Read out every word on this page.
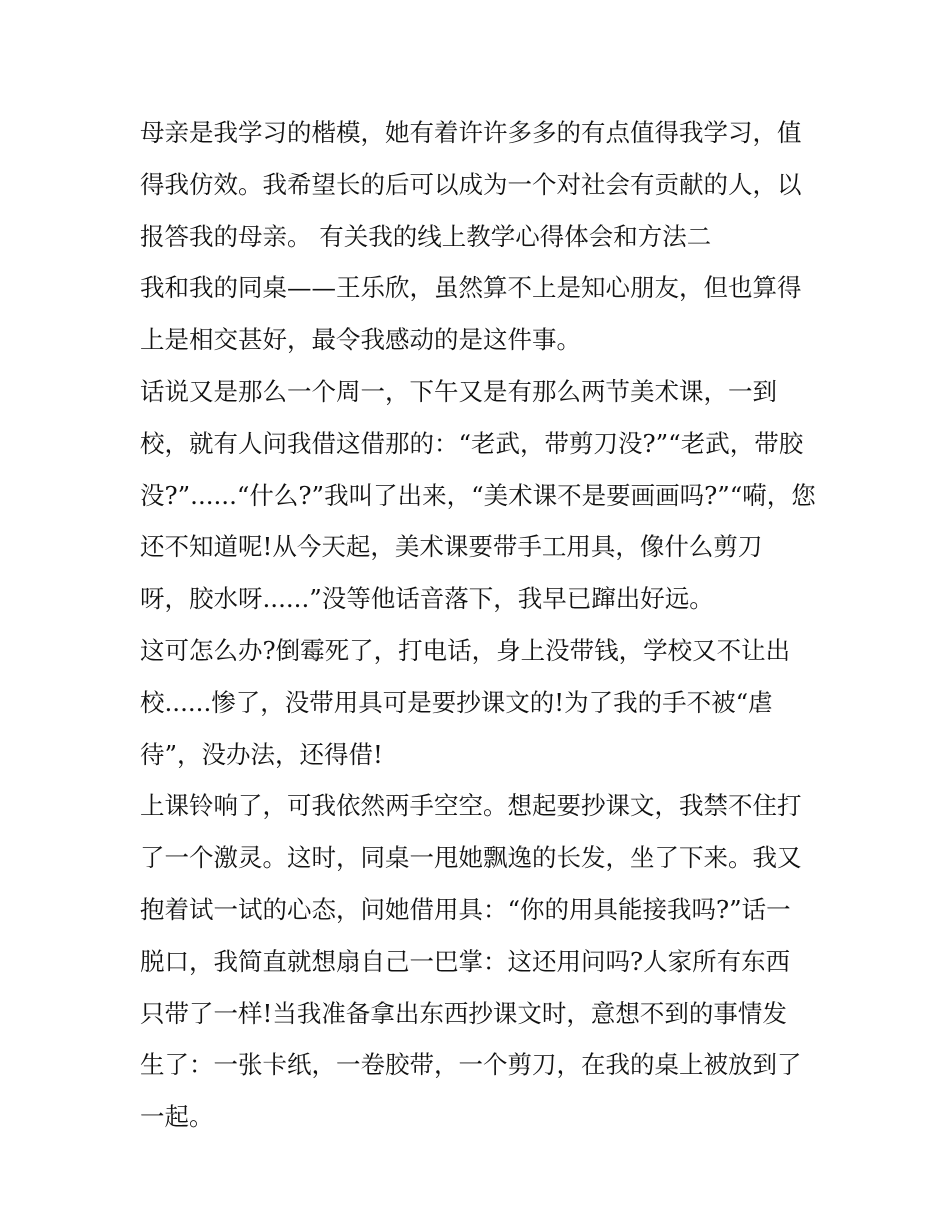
母亲是我学习的楷模，她有着许许多多的有点值得我学习，值
得我仿效。我希望长的后可以成为一个对社会有贡献的人，以
报答我的母亲。 有关我的线上教学心得体会和方法二
我和我的同桌——王乐欣，虽然算不上是知心朋友，但也算得
上是相交甚好，最令我感动的是这件事。
话说又是那么一个周一，下午又是有那么两节美术课，一到
校，就有人问我借这借那的：“老武，带剪刀没?”“老武，带胶
没?”......“什么?”我叫了出来，“美术课不是要画画吗?”“嗬，您
还不知道呢!从今天起，美术课要带手工用具，像什么剪刀
呀，胶水呀......”没等他话音落下，我早已蹿出好远。
这可怎么办?倒霉死了，打电话，身上没带钱，学校又不让出
校......惨了，没带用具可是要抄课文的!为了我的手不被“虐
待”，没办法，还得借!
上课铃响了，可我依然两手空空。想起要抄课文，我禁不住打
了一个激灵。这时，同桌一甩她飘逸的长发，坐了下来。我又
抱着试一试的心态，问她借用具：“你的用具能接我吗?”话一
脱口，我简直就想扇自己一巴掌：这还用问吗?人家所有东西
只带了一样!当我准备拿出东西抄课文时，意想不到的事情发
生了：一张卡纸，一卷胶带，一个剪刀，在我的桌上被放到了
一起。
